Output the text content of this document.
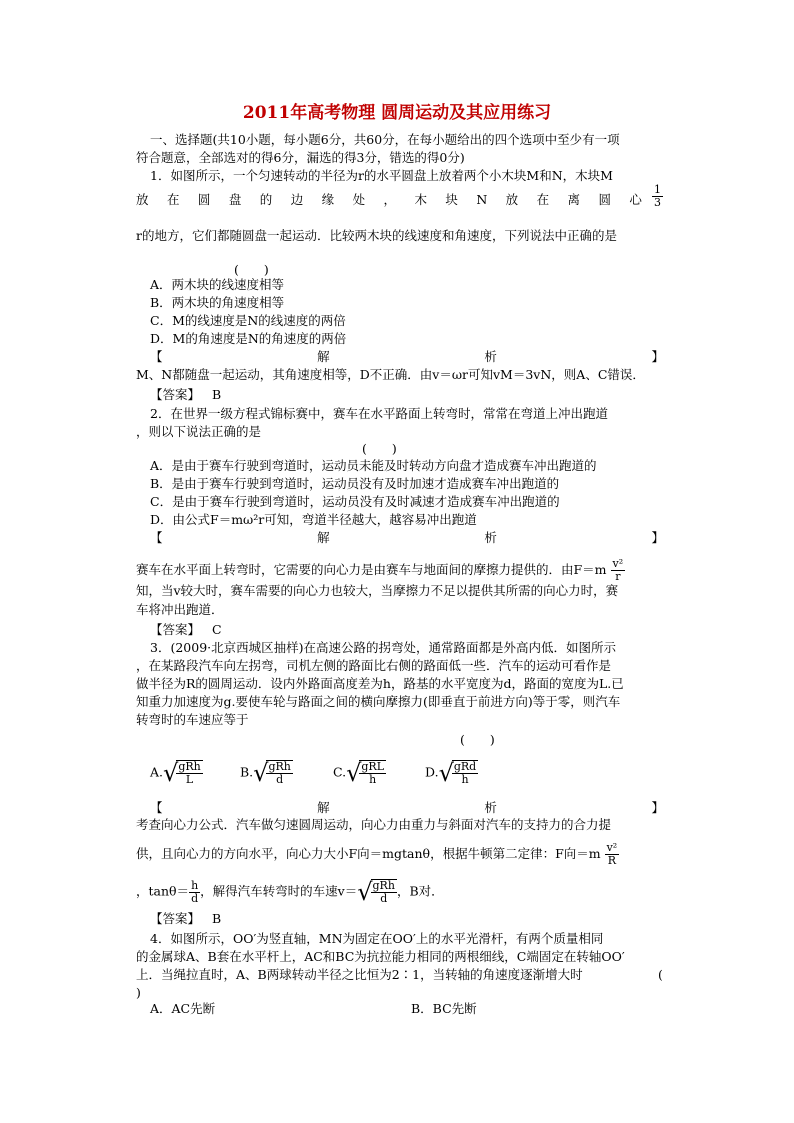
2011年高考物理 圆周运动及其应用练习
一、选择题(共10小题，每小题6分，共60分，在每小题给出的四个选项中至少有一项
符合题意，全部选对的得6分，漏选的得3分，错选的得0分)
1．如图所示，一个匀速转动的半径为r的水平圆盘上放着两个小木块M和N，木块M
放 在 圆 盘 的 边 缘 处 ， 木 块 N 放 在 离 圆 心 $\frac{1}{3}$
r的地方，它们都随圆盘一起运动．比较两木块的线速度和角速度，下列说法中正确的是
(　　)
A．两木块的线速度相等
B．两木块的角速度相等
C．M的线速度是N的线速度的两倍
D．M的角速度是N的角速度的两倍
【	解	析	】
M、N都随盘一起运动，其角速度相等，D不正确．由v＝ωr可知vM＝3vN，则A、C错误．
【答案】 B
2．在世界一级方程式锦标赛中，赛车在水平路面上转弯时，常常在弯道上冲出跑道
，则以下说法正确的是
(　　)
A．是由于赛车行驶到弯道时，运动员未能及时转动方向盘才造成赛车冲出跑道的
B．是由于赛车行驶到弯道时，运动员没有及时加速才造成赛车冲出跑道的
C．是由于赛车行驶到弯道时，运动员没有及时减速才造成赛车冲出跑道的
D．由公式F＝mω²r可知，弯道半径越大，越容易冲出跑道
【	解	析	】
赛车在水平面上转弯时，它需要的向心力是由赛车与地面间的摩擦力提供的．由$F=m \frac{\text{v²}}{r}$
知，当v较大时，赛车需要的向心力也较大，当摩擦力不足以提供其所需的向心力时，赛
车将冲出跑道．
【答案】 C
3．(2009·北京西城区抽样)在高速公路的拐弯处，通常路面都是外高内低．如图所示
，在某路段汽车向左拐弯，司机左侧的路面比右侧的路面低一些．汽车的运动可看作是
做半径为R的圆周运动．设内外路面高度差为h，路基的水平宽度为d，路面的宽度为L.已
知重力加速度为g.要使车轮与路面之间的横向摩擦力(即垂直于前进方向)等于零，则汽车
转弯时的车速应等于
(　　)
A. √
$\frac{\text{gRh}}{L}$	B. √
$\frac{\text{gRh}}{d}$	C. √
$\frac{\text{gRL}}{h}$	D. √
$\frac{\text{gRd}}{h}$
【	解	析	】
考查向心力公式．汽车做匀速圆周运动，向心力由重力与斜面对汽车的支持力的合力提
供，且向心力的方向水平，向心力大小F向＝mgtanθ，根据牛顿第二定律：F向$=m \frac{\text{v²}}{R}$
，$\tan\theta= \frac{h}{d}$ ，解得汽车转弯时的车速v＝ √
$\frac{\text{gRh}}{d}$ ，B对．
【答案】 B
4．如图所示，OO′为竖直轴，MN为固定在OO′上的水平光滑杆，有两个质量相同
的金属球A、B套在水平杆上，AC和BC为抗拉能力相同的两根细线，C端固定在转轴OO′
上．当绳拉直时，A、B两球转动半径之比恒为2∶1，当转轴的角速度逐渐增大时	(
)
A．AC先断	B．BC先断
